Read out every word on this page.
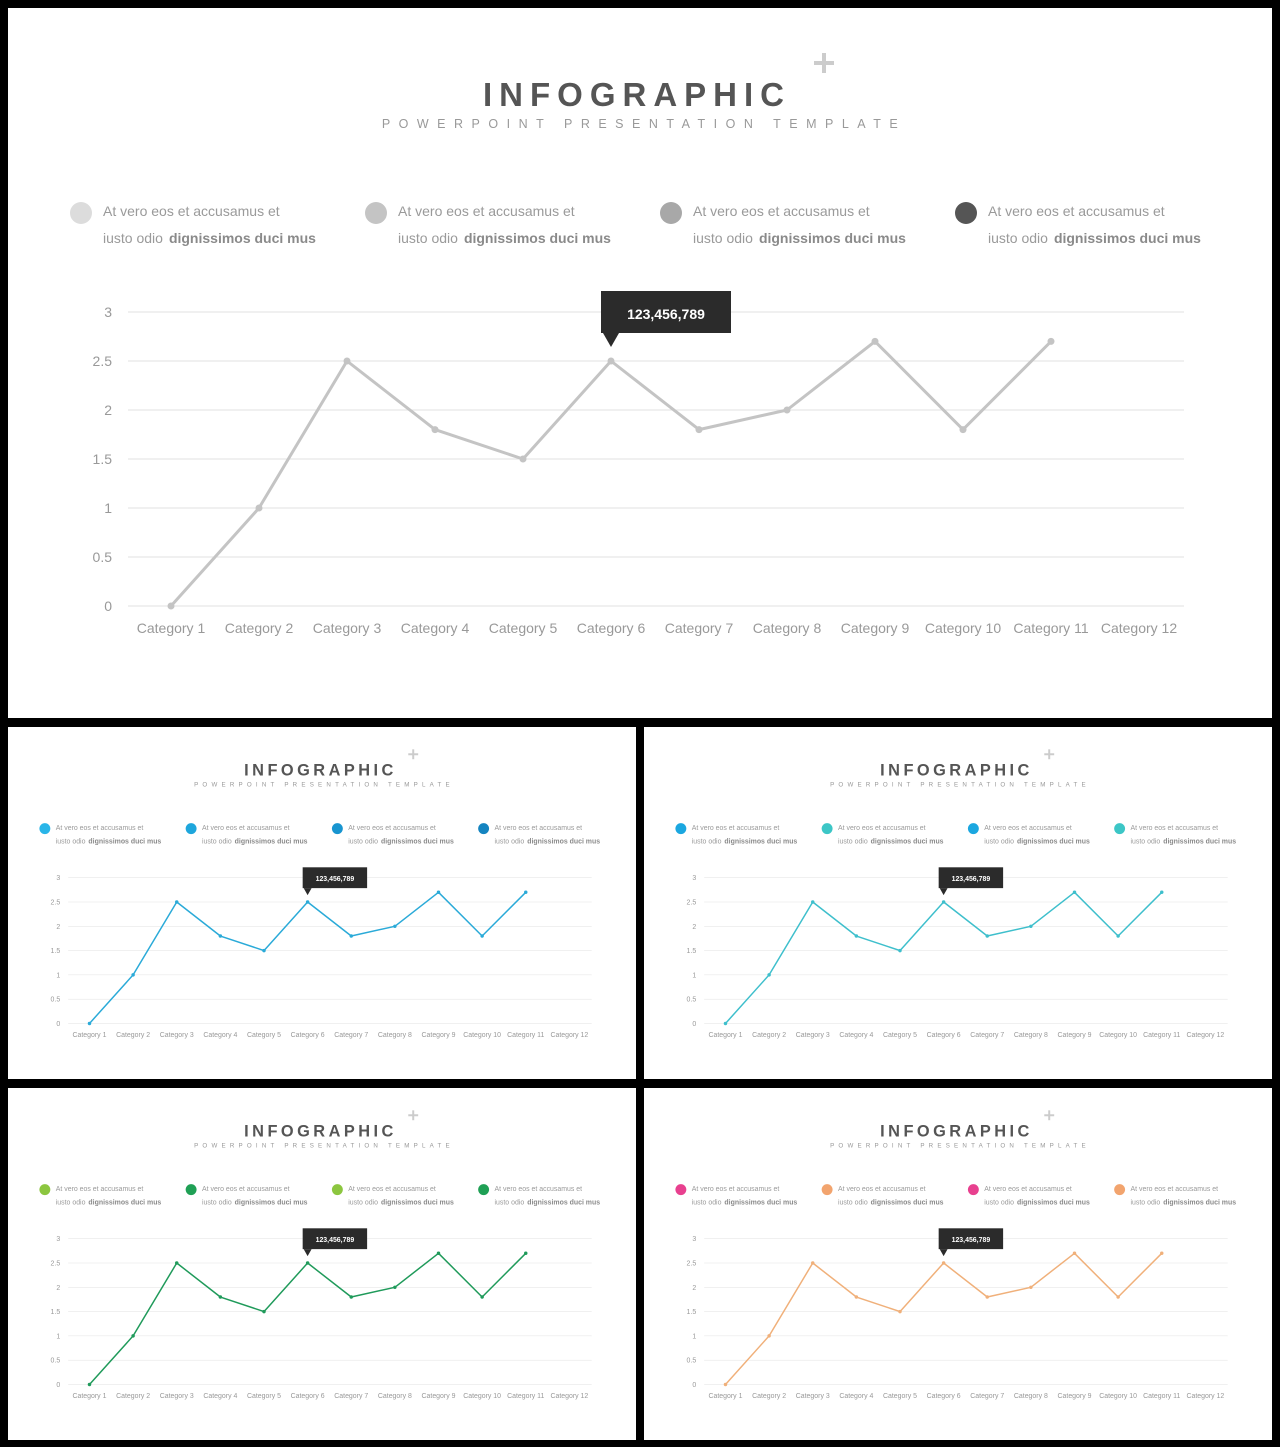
INFOGRAPHIC
POWERPOINT PRESENTATION TEMPLATE
At vero eos et accusamus et
iusto odio dignissimos duci mus
At vero eos et accusamus et
iusto odio dignissimos duci mus
At vero eos et accusamus et
iusto odio dignissimos duci mus
At vero eos et accusamus et
iusto odio dignissimos duci mus
0
0.5
1
1.5
2
2.5
3
Category 1 Category 2 Category 3 Category 4 Category 5 Category 6 Category 7 Category 8 Category 9 Category 10 Category 11 Category 12
123,456,789
INFOGRAPHIC
POWERPOINT PRESENTATION TEMPLATE
At vero eos et accusamus et
iusto odio dignissimos duci mus
At vero eos et accusamus et
iusto odio dignissimos duci mus
At vero eos et accusamus et
iusto odio dignissimos duci mus
At vero eos et accusamus et
iusto odio dignissimos duci mus
0
0.5
1
1.5
2
2.5
3
Category 1 Category 2 Category 3 Category 4 Category 5 Category 6 Category 7 Category 8 Category 9 Category 10 Category 11 Category 12
123,456,789
INFOGRAPHIC
POWERPOINT PRESENTATION TEMPLATE
At vero eos et accusamus et
iusto odio dignissimos duci mus
At vero eos et accusamus et
iusto odio dignissimos duci mus
At vero eos et accusamus et
iusto odio dignissimos duci mus
At vero eos et accusamus et
iusto odio dignissimos duci mus
0
0.5
1
1.5
2
2.5
3
Category 1 Category 2 Category 3 Category 4 Category 5 Category 6 Category 7 Category 8 Category 9 Category 10 Category 11 Category 12
123,456,789
INFOGRAPHIC
POWERPOINT PRESENTATION TEMPLATE
At vero eos et accusamus et
iusto odio dignissimos duci mus
At vero eos et accusamus et
iusto odio dignissimos duci mus
At vero eos et accusamus et
iusto odio dignissimos duci mus
At vero eos et accusamus et
iusto odio dignissimos duci mus
0
0.5
1
1.5
2
2.5
3
Category 1 Category 2 Category 3 Category 4 Category 5 Category 6 Category 7 Category 8 Category 9 Category 10 Category 11 Category 12
123,456,789
INFOGRAPHIC
POWERPOINT PRESENTATION TEMPLATE
At vero eos et accusamus et
iusto odio dignissimos duci mus
At vero eos et accusamus et
iusto odio dignissimos duci mus
At vero eos et accusamus et
iusto odio dignissimos duci mus
At vero eos et accusamus et
iusto odio dignissimos duci mus
0
0.5
1
1.5
2
2.5
3
Category 1 Category 2 Category 3 Category 4 Category 5 Category 6 Category 7 Category 8 Category 9 Category 10 Category 11 Category 12
123,456,789
